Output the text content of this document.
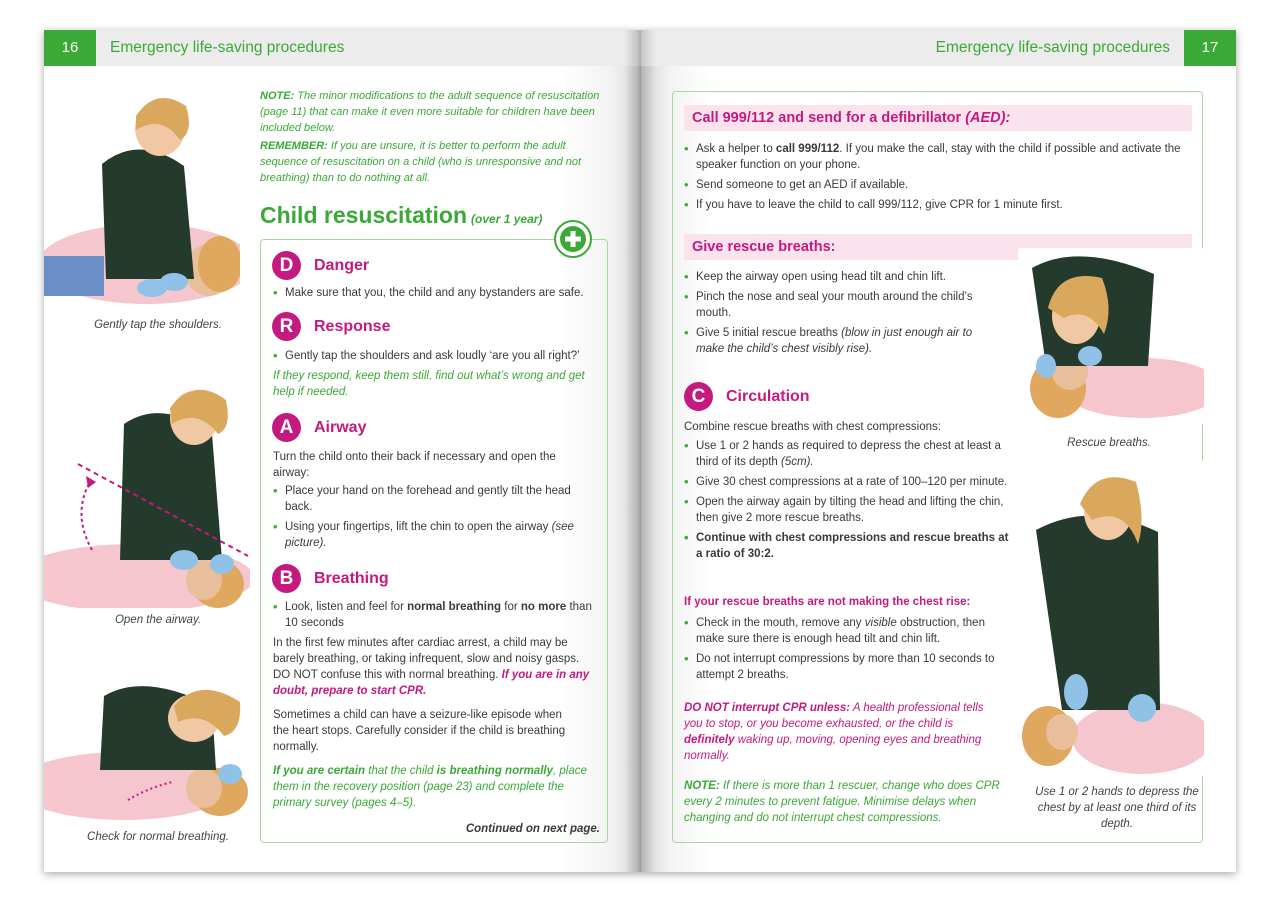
16	Emergency life-saving procedures
Gently tap the shoulders.
Open the airway.
Check for normal breathing.

NOTE: The minor modifications to the adult sequence of resuscitation (page 11) that can make it even more suitable for children have been included below.

REMEMBER: If you are unsure, it is better to perform the adult sequence of resuscitation on a child (who is unresponsive and not breathing) than to do nothing at all.

Child resuscitation (over 1 year)
D	Danger
• Make sure that you, the child and any bystanders are safe.
R	Response
• Gently tap the shoulders and ask loudly ‘are you all right?’
If they respond, keep them still, find out what’s wrong and get help if needed.
A	Airway
Turn the child onto their back if necessary and open the airway:
• Place your hand on the forehead and gently tilt the head back.
• Using your fingertips, lift the chin to open the airway (see picture).
B	Breathing
• Look, listen and feel for normal breathing for no more than 10 seconds
In the first few minutes after cardiac arrest, a child may be barely breathing, or taking infrequent, slow and noisy gasps. DO NOT confuse this with normal breathing. If you are in any doubt, prepare to start CPR.
Sometimes a child can have a seizure-like episode when the heart stops. Carefully consider if the child is breathing normally.
If you are certain that the child is breathing normally, place them in the recovery position (page 23) and complete the primary survey (pages 4–5).
Continued on next page.
Emergency life-saving procedures	17
Call 999/112 and send for a defibrillator (AED):
• Ask a helper to call 999/112. If you make the call, stay with the child if possible and activate the speaker function on your phone.
• Send someone to get an AED if available.
• If you have to leave the child to call 999/112, give CPR for 1 minute first.
Give rescue breaths:
• Keep the airway open using head tilt and chin lift.
• Pinch the nose and seal your mouth around the child’s mouth.
• Give 5 initial rescue breaths (blow in just enough air to make the child’s chest visibly rise).
Rescue breaths.
C	Circulation
Combine rescue breaths with chest compressions:
• Use 1 or 2 hands as required to depress the chest at least a third of its depth (5cm).
• Give 30 chest compressions at a rate of 100–120 per minute.
• Open the airway again by tilting the head and lifting the chin, then give 2 more rescue breaths.
• Continue with chest compressions and rescue breaths at a ratio of 30:2.
If your rescue breaths are not making the chest rise:
• Check in the mouth, remove any visible obstruction, then make sure there is enough head tilt and chin lift.
• Do not interrupt compressions by more than 10 seconds to attempt 2 breaths.
DO NOT interrupt CPR unless: A health professional tells you to stop, or you become exhausted, or the child is definitely waking up, moving, opening eyes and breathing normally.
NOTE: If there is more than 1 rescuer, change who does CPR every 2 minutes to prevent fatigue. Minimise delays when changing and do not interrupt chest compressions.
Use 1 or 2 hands to depress the chest by at least one third of its depth.
